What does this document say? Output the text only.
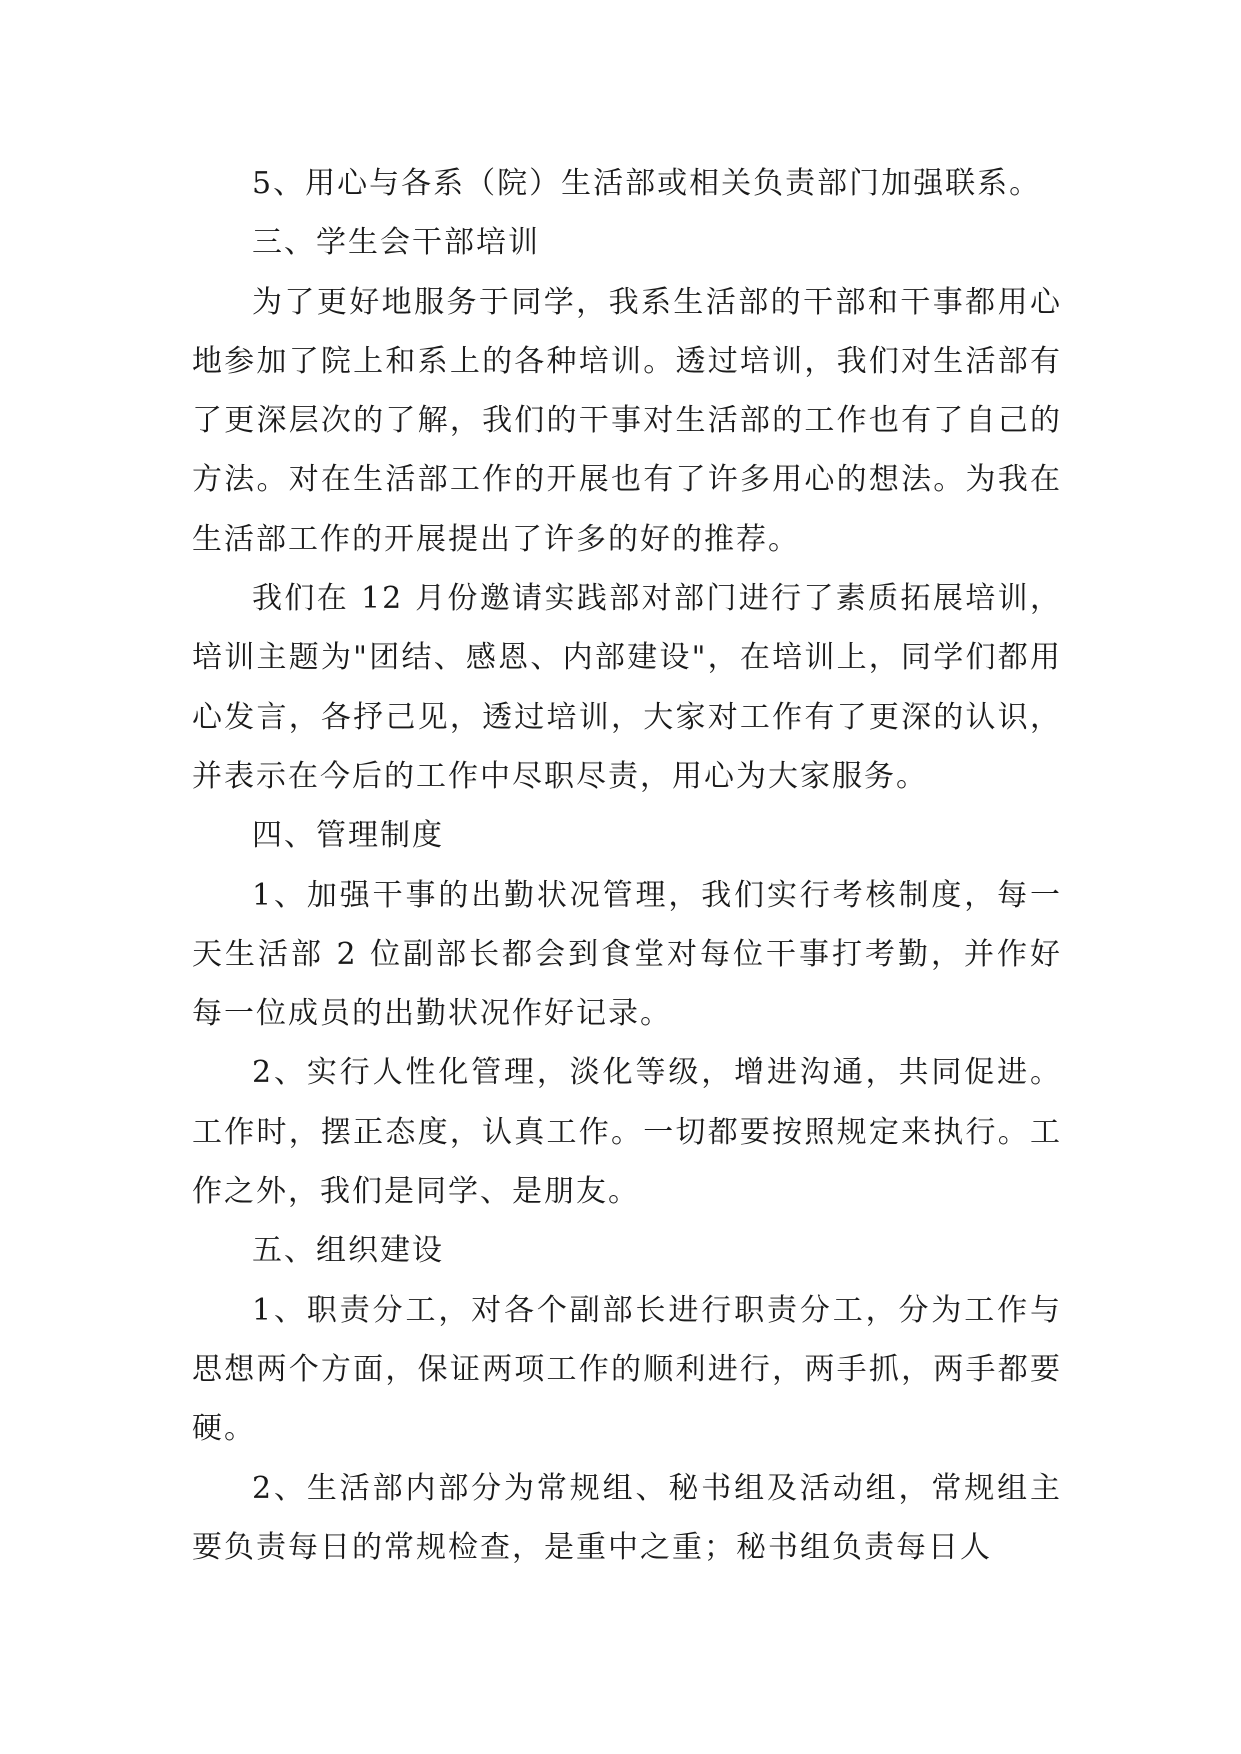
5、用心与各系（院）生活部或相关负责部门加强联系。

三、学生会干部培训

为了更好地服务于同学，我系生活部的干部和干事都用心地参加了院上和系上的各种培训。透过培训，我们对生活部有了更深层次的了解，我们的干事对生活部的工作也有了自己的方法。对在生活部工作的开展也有了许多用心的想法。为我在生活部工作的开展提出了许多的好的推荐。

我们在 12 月份邀请实践部对部门进行了素质拓展培训，培训主题为"团结、感恩、内部建设"，在培训上，同学们都用心发言，各抒己见，透过培训，大家对工作有了更深的认识，并表示在今后的工作中尽职尽责，用心为大家服务。

四、管理制度

1、加强干事的出勤状况管理，我们实行考核制度，每一天生活部 2 位副部长都会到食堂对每位干事打考勤，并作好每一位成员的出勤状况作好记录。

2、实行人性化管理，淡化等级，增进沟通，共同促进。工作时，摆正态度，认真工作。一切都要按照规定来执行。工作之外，我们是同学、是朋友。

五、组织建设

1、职责分工，对各个副部长进行职责分工，分为工作与思想两个方面，保证两项工作的顺利进行，两手抓，两手都要硬。

2、生活部内部分为常规组、秘书组及活动组，常规组主要负责每日的常规检查，是重中之重；秘书组负责每日人
